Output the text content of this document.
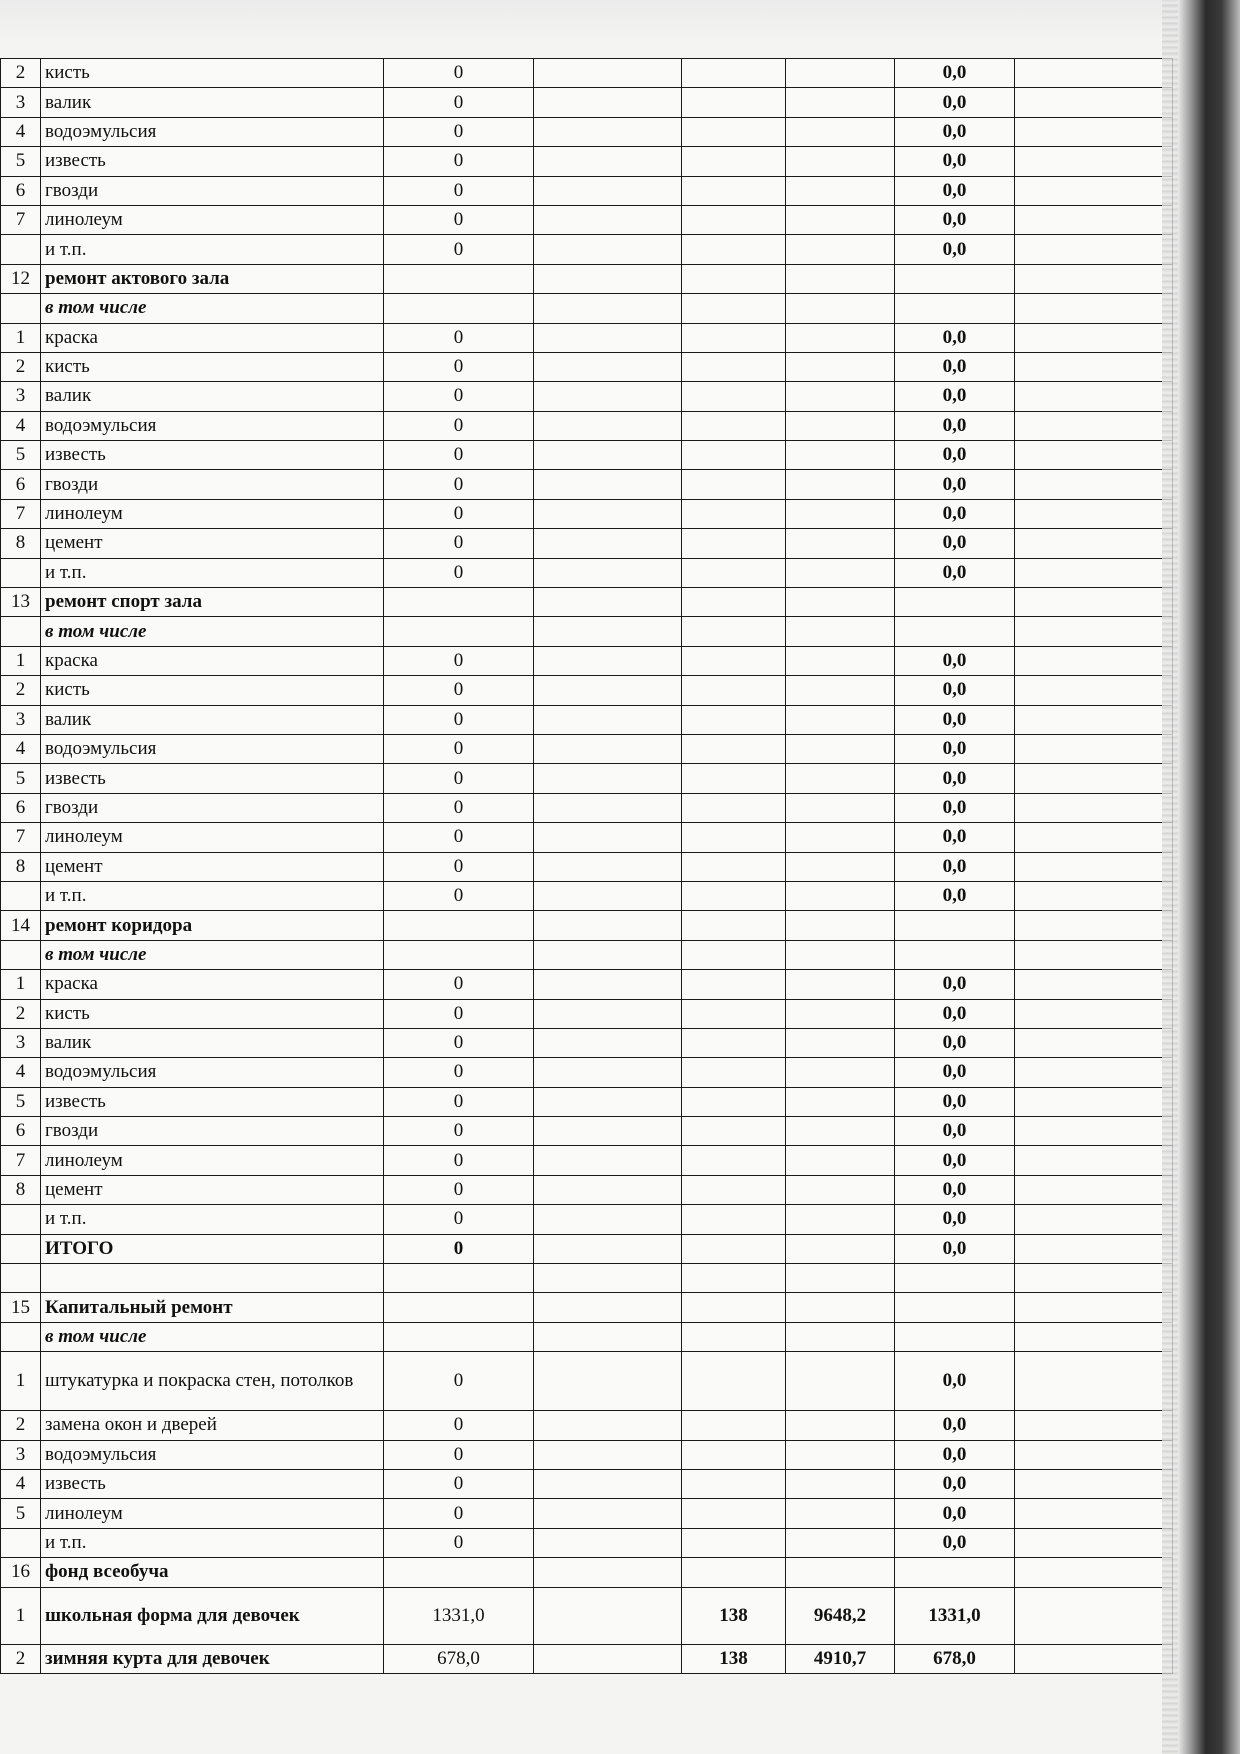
2	кисть	0				0,0	
3	валик	0				0,0	
4	водоэмульсия	0				0,0	
5	известь	0				0,0	
6	гвозди	0				0,0	
7	линолеум	0				0,0	
	и т.п.	0				0,0	
12	ремонт актового зала						
	в том числе						
1	краска	0				0,0	
2	кисть	0				0,0	
3	валик	0				0,0	
4	водоэмульсия	0				0,0	
5	известь	0				0,0	
6	гвозди	0				0,0	
7	линолеум	0				0,0	
8	цемент	0				0,0	
	и т.п.	0				0,0	
13	ремонт спорт зала						
	в том числе						
1	краска	0				0,0	
2	кисть	0				0,0	
3	валик	0				0,0	
4	водоэмульсия	0				0,0	
5	известь	0				0,0	
6	гвозди	0				0,0	
7	линолеум	0				0,0	
8	цемент	0				0,0	
	и т.п.	0				0,0	
14	ремонт коридора						
	в том числе						
1	краска	0				0,0	
2	кисть	0				0,0	
3	валик	0				0,0	
4	водоэмульсия	0				0,0	
5	известь	0				0,0	
6	гвозди	0				0,0	
7	линолеум	0				0,0	
8	цемент	0				0,0	
	и т.п.	0				0,0	
	ИТОГО	0				0,0	

15	Капитальный ремонт						
	в том числе						
1	штукатурка и покраска стен, потолков	0				0,0	
2	замена окон и дверей	0				0,0	
3	водоэмульсия	0				0,0	
4	известь	0				0,0	
5	линолеум	0				0,0	
	и т.п.	0				0,0	
16	фонд всеобуча						
1	школьная форма для девочек	1331,0		138	9648,2	1331,0	
2	зимняя курта для девочек	678,0		138	4910,7	678,0	
